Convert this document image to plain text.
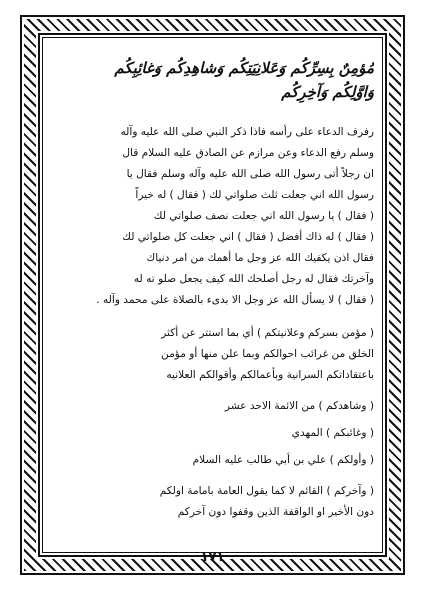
مُؤمِنٌ بِسِرِّكُم وَعَلانِيَتِكُم وَشاهِدِكُم وَغائِبِكُم
وَاوَّلِكُم وَآخِرِكُم
رفرف الدعاء على رأسه فاذا ذكر النبي صلى الله عليه وآله
وسلم رفع الدعاء وعن مرازم عن الصادق عليه السلام قال
ان رجلاً أتى رسول الله صلى الله عليه وآله وسلم فقال يا
رسول الله اني جعلت ثلث صلواتي لك ( فقال ) له خيراً
( فقال ) يا رسول الله اني جعلت نصف صلواتي لك
( فقال ) له ذاك أفضل ( فقال ) اني جعلت كل صلواتي لك
فقال اذن يكفيك الله عز وجل ما أهمك من امر دنياك
وآخرتك فقال له رجل أصلحك الله كيف يجعل صلو ته له
( فقال ) لا يسأل الله عز وجل الا بدىء بالصلاة على محمد وآله .
( مؤمن بسركم وعلانيتكم ) أي بما استتر عن أكثر
الخلق من غرائب احوالكم وبما علن منها أو مؤمن
باعتقاداتكم السرانية وبأعمالكم وأقوالكم العلانيه
( وشاهدكم ) من الائمة الاحد عشر
( وغائبكم ) المهدي
( وأولكم ) علي بن أبي طالب عليه السلام
( وآخركم ) القائم لا كما يقول العامة بامامة اولكم
دون الأخير او الواقفة الذين وقفوا دون آخركم
١٧١
